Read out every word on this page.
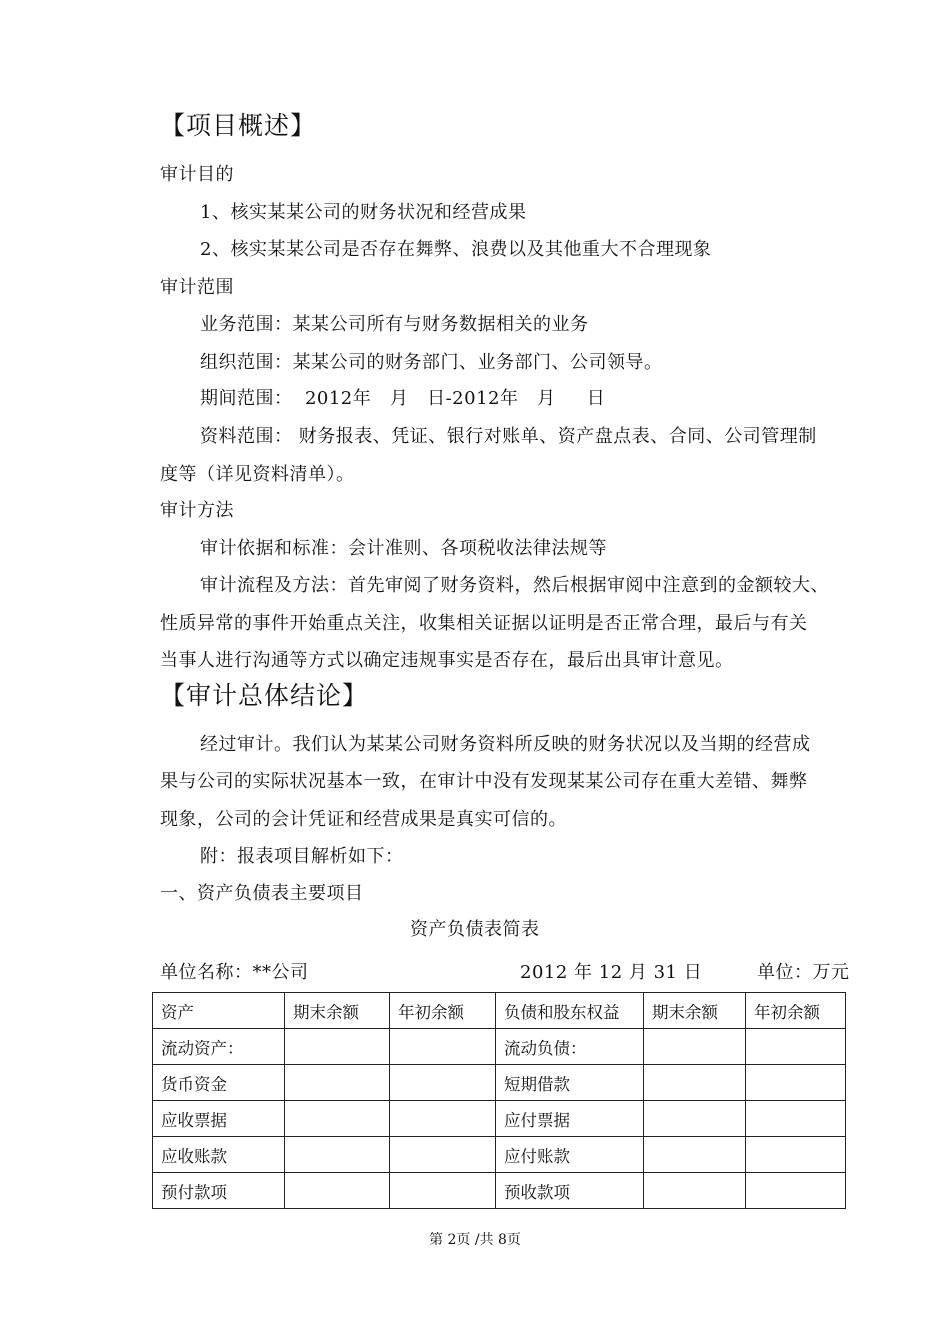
【项目概述】
审计目的
1、核实某某公司的财务状况和经营成果
2、核实某某公司是否存在舞弊、浪费以及其他重大不合理现象
审计范围
业务范围：某某公司所有与财务数据相关的业务
组织范围：某某公司的财务部门、业务部门、公司领导。
期间范围：  2012年   月   日-2012年   月     日
资料范围： 财务报表、凭证、银行对账单、资产盘点表、合同、公司管理制
度等（详见资料清单）。
审计方法
审计依据和标准：会计准则、各项税收法律法规等
审计流程及方法：首先审阅了财务资料，然后根据审阅中注意到的金额较大、
性质异常的事件开始重点关注，收集相关证据以证明是否正常合理，最后与有关
当事人进行沟通等方式以确定违规事实是否存在，最后出具审计意见。
【审计总体结论】
经过审计。我们认为某某公司财务资料所反映的财务状况以及当期的经营成
果与公司的实际状况基本一致，在审计中没有发现某某公司存在重大差错、舞弊
现象，公司的会计凭证和经营成果是真实可信的。
附：报表项目解析如下：
一、资产负债表主要项目
资产负债表简表
单位名称：**公司	2012 年 12 月 31 日	单位：万元
资产	期末余额	年初余额	负债和股东权益	期末余额	年初余额
流动资产：			流动负债：		
货币资金			短期借款		
应收票据			应付票据		
应收账款			应付账款		
预付款项			预收款项		
第 2页 /共 8页
